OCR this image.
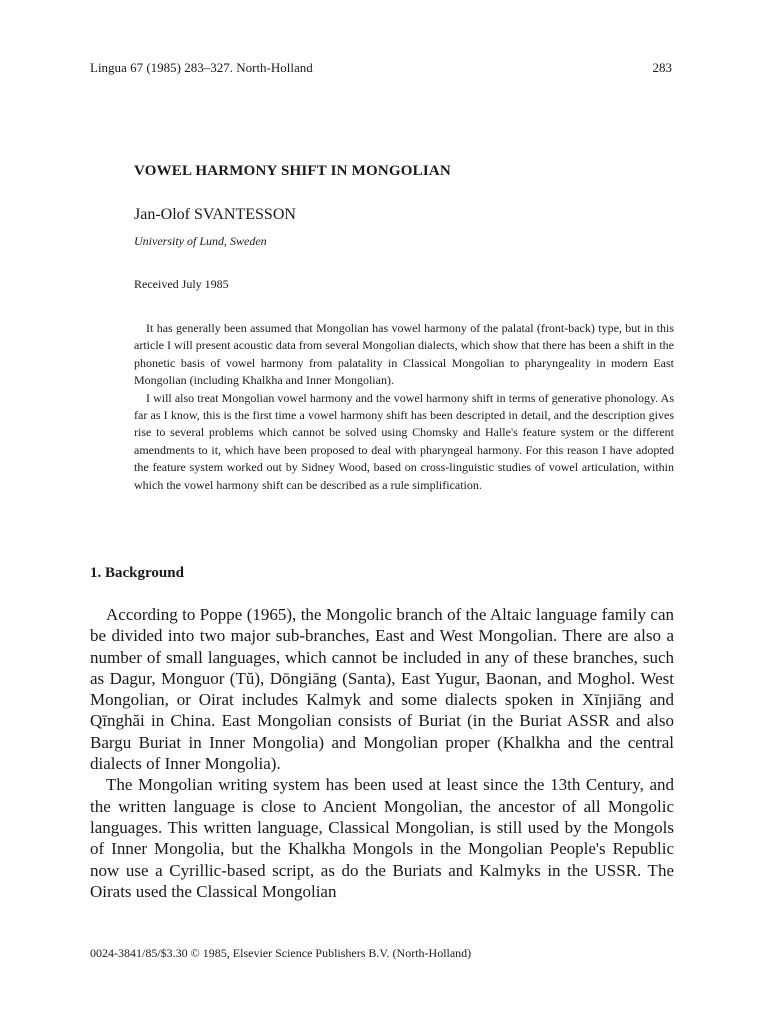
Lingua 67 (1985) 283–327. North-Holland	283
VOWEL HARMONY SHIFT IN MONGOLIAN
Jan-Olof SVANTESSON
University of Lund, Sweden
Received July 1985

It has generally been assumed that Mongolian has vowel harmony of the palatal (front-back) type, but in this article I will present acoustic data from several Mongolian dialects, which show that there has been a shift in the phonetic basis of vowel harmony from palatality in Classical Mongolian to pharyngeality in modern East Mongolian (including Khalkha and Inner Mongolian).

I will also treat Mongolian vowel harmony and the vowel harmony shift in terms of generative phonology. As far as I know, this is the first time a vowel harmony shift has been descripted in detail, and the description gives rise to several problems which cannot be solved using Chomsky and Halle's feature system or the different amendments to it, which have been proposed to deal with pharyngeal harmony. For this reason I have adopted the feature system worked out by Sidney Wood, based on cross-linguistic studies of vowel articulation, within which the vowel harmony shift can be described as a rule simplification.

1. Background

According to Poppe (1965), the Mongolic branch of the Altaic language family can be divided into two major sub-branches, East and West Mongolian. There are also a number of small languages, which cannot be included in any of these branches, such as Dagur, Monguor (Tŭ), Dōngiāng (Santa), East Yugur, Baonan, and Moghol. West Mongolian, or Oirat includes Kalmyk and some dialects spoken in Xīnjiāng and Qīnghăi in China. East Mongolian consists of Buriat (in the Buriat ASSR and also Bargu Buriat in Inner Mongolia) and Mongolian proper (Khalkha and the central dialects of Inner Mongolia).

The Mongolian writing system has been used at least since the 13th Century, and the written language is close to Ancient Mongolian, the ancestor of all Mongolic languages. This written language, Classical Mongolian, is still used by the Mongols of Inner Mongolia, but the Khalkha Mongols in the Mongolian People's Republic now use a Cyrillic-based script, as do the Buriats and Kalmyks in the USSR. The Oirats used the Classical Mongolian

0024-3841/85/$3.30 © 1985, Elsevier Science Publishers B.V. (North-Holland)
